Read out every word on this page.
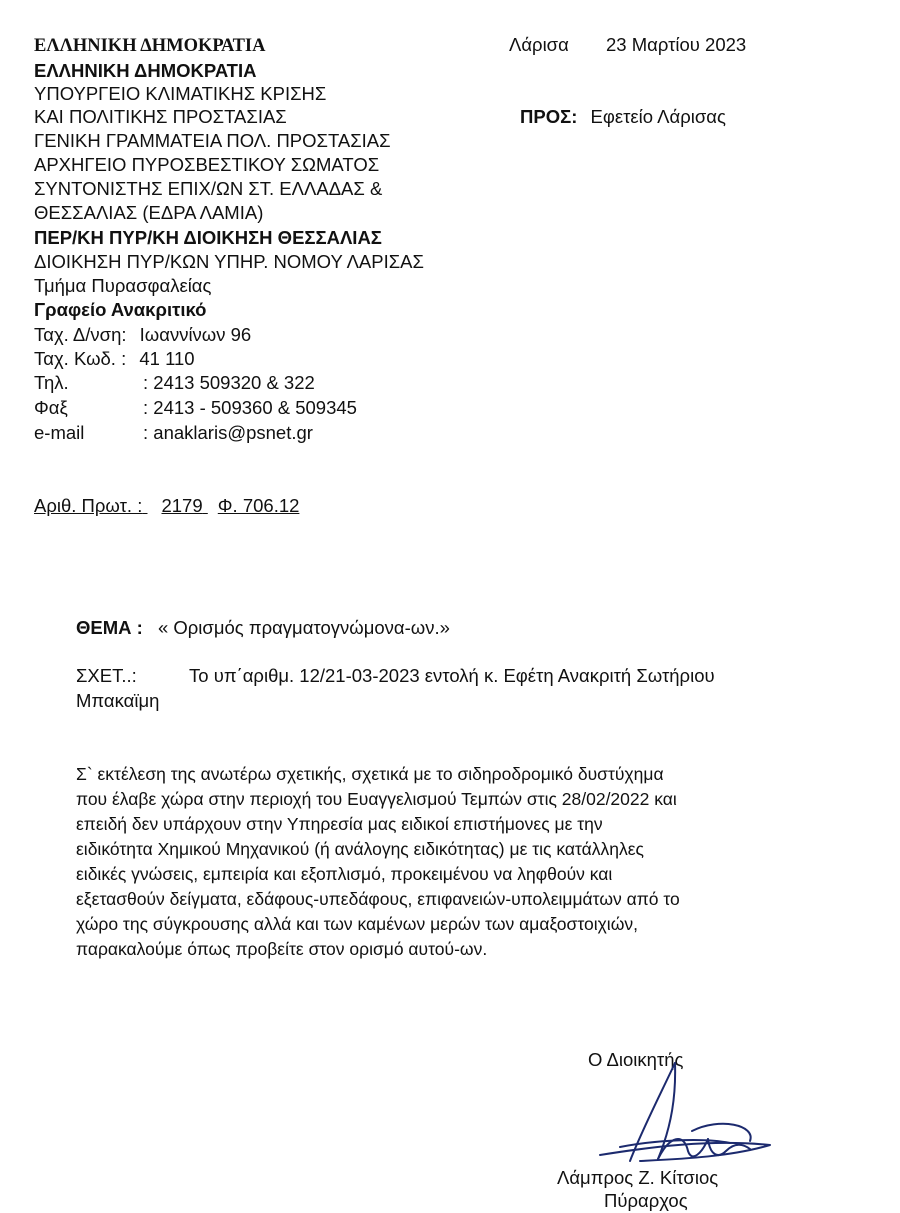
ΕΛΛΗΝΙΚΗ ΔΗΜΟΚΡΑΤΙΑ
ΕΛΛΗΝΙΚΗ ΔΗΜΟΚΡΑΤΙΑ
ΥΠΟΥΡΓΕΙΟ ΚΛΙΜΑΤΙΚΗΣ ΚΡΙΣΗΣ
ΚΑΙ ΠΟΛΙΤΙΚΗΣ ΠΡΟΣΤΑΣΙΑΣ
ΓΕΝΙΚΗ ΓΡΑΜΜΑΤΕΙΑ ΠΟΛ. ΠΡΟΣΤΑΣΙΑΣ
ΑΡΧΗΓΕΙΟ ΠΥΡΟΣΒΕΣΤΙΚΟΥ ΣΩΜΑΤΟΣ
ΣΥΝΤΟΝΙΣΤΗΣ ΕΠΙΧ/ΩΝ ΣΤ. ΕΛΛΑΔΑΣ &
ΘΕΣΣΑΛΙΑΣ (ΕΔΡΑ ΛΑΜΙΑ)
ΠΕΡ/ΚΗ ΠΥΡ/ΚΗ ΔΙΟΙΚΗΣΗ ΘΕΣΣΑΛΙΑΣ
ΔΙΟΙΚΗΣΗ ΠΥΡ/ΚΩΝ ΥΠΗΡ. ΝΟΜΟΥ ΛΑΡΙΣΑΣ
Τμήμα Πυρασφαλείας
Γραφείο Ανακριτικό
Ταχ. Δ/νση: Ιωαννίνων 96
Ταχ. Κωδ. : 41 110
Τηλ.	: 2413 509320 & 322
Φαξ	: 2413 - 509360 & 509345
e-mail	: anaklaris@psnet.gr
Αριθ. Πρωτ. : 2179 Φ. 706.12
Λάρισα 23 Μαρτίου 2023
ΠΡΟΣ: Εφετείο Λάρισας
ΘΕΜΑ : « Ορισμός πραγματογνώμονα-ων.»
ΣΧΕΤ..:	Το υπ΄αριθμ. 12/21-03-2023 εντολή κ. Εφέτη Ανακριτή Σωτήριου
Μπακαϊμη
Σ` εκτέλεση της ανωτέρω σχετικής, σχετικά με το σιδηροδρομικό δυστύχημα
που έλαβε χώρα στην περιοχή του Ευαγγελισμού Τεμπών στις 28/02/2022 και
επειδή δεν υπάρχουν στην Υπηρεσία μας ειδικοί επιστήμονες με την
ειδικότητα Χημικού Μηχανικού (ή ανάλογης ειδικότητας) με τις κατάλληλες
ειδικές γνώσεις, εμπειρία και εξοπλισμό, προκειμένου να ληφθούν και
εξετασθούν δείγματα, εδάφους-υπεδάφους, επιφανειών-υπολειμμάτων από το
χώρο της σύγκρουσης αλλά και των καμένων μερών των αμαξοστοιχιών,
παρακαλούμε όπως προβείτε στον ορισμό αυτού-ων.
Ο Διοικητής
Λάμπρος Ζ. Κίτσιος
Πύραρχος
